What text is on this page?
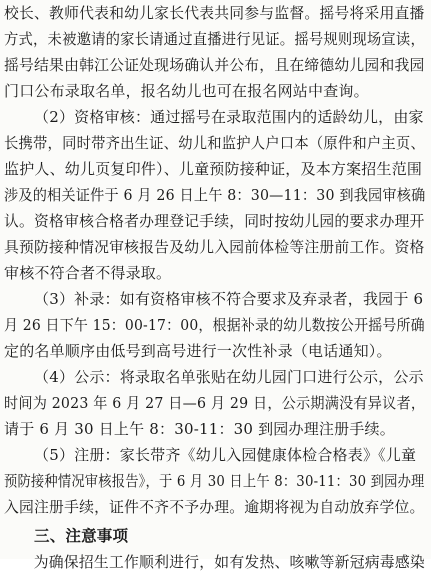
校长、教师代表和幼儿家长代表共同参与监督。摇号将采用直播
方式，未被邀请的家长请通过直播进行见证。摇号规则现场宣读，
摇号结果由韩江公证处现场确认并公布，且在缔德幼儿园和我园
门口公布录取名单，报名幼儿也可在报名网站中查询。
（2）资格审核：通过摇号在录取范围内的适龄幼儿，由家
长携带，同时带齐出生证、幼儿和监护人户口本（原件和户主页、
监护人、幼儿页复印件）、儿童预防接种证，及本方案招生范围
涉及的相关证件于 6 月 26 日上午 8：30—11：30 到我园审核确
认。资格审核合格者办理登记手续，同时按幼儿园的要求办理开
具预防接种情况审核报告及幼儿入园前体检等注册前工作。资格
审核不符合者不得录取。
（3）补录：如有资格审核不符合要求及弃录者，我园于 6
月 26 日下午 15：00-17：00，根据补录的幼儿数按公开摇号所确
定的名单顺序由低号到高号进行一次性补录（电话通知）。
（4）公示：将录取名单张贴在幼儿园门口进行公示，公示
时间为 2023 年 6 月 27 日—6 月 29 日，公示期满没有异议者，
请于 6 月 30 日上午 8：30-11：30 到园办理注册手续。
（5）注册：家长带齐《幼儿入园健康体检合格表》《儿童
预防接种情况审核报告》，于 6 月 30 日上午 8：30-11：30 到园办理
入园注册手续，证件不齐不予办理。逾期将视为自动放弃学位。
三、注意事项
为确保招生工作顺利进行，如有发热、咳嗽等新冠病毒感染
